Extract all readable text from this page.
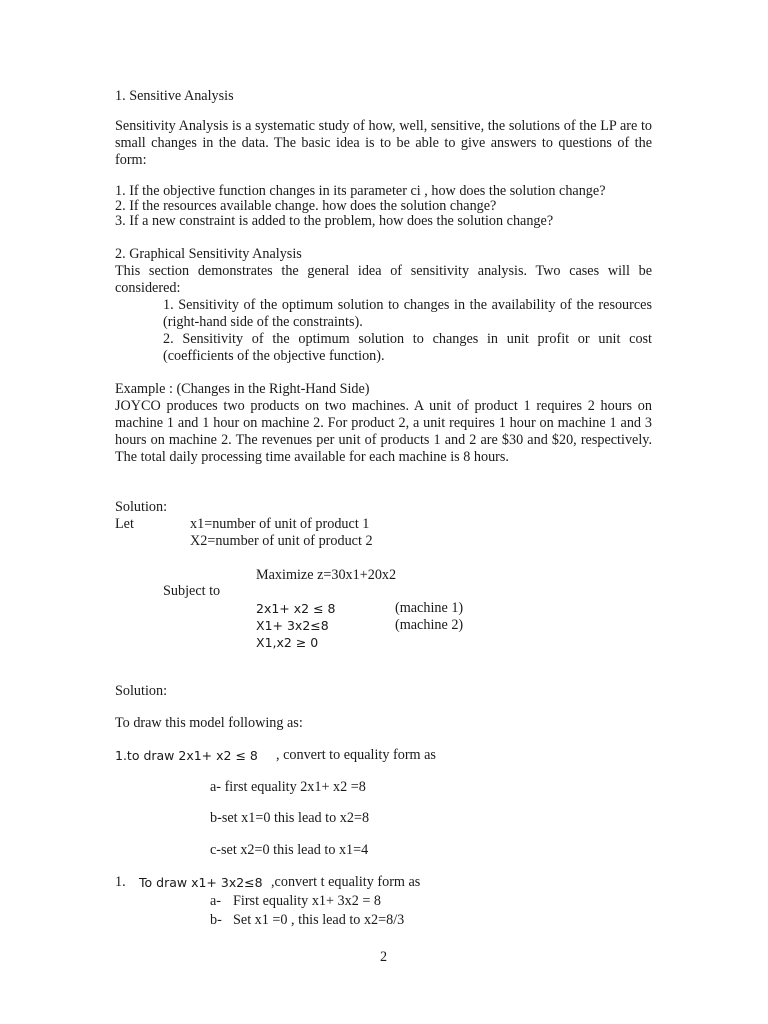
1. Sensitive Analysis
Sensitivity Analysis is a systematic study of how, well, sensitive, the solutions of the LP are to small changes in the data. The basic idea is to be able to give answers to questions of the form:
1. If the objective function changes in its parameter ci , how does the solution change?
2. If the resources available change. how does the solution change?
3. If a new constraint is added to the problem, how does the solution change?
2. Graphical Sensitivity Analysis
This section demonstrates the general idea of sensitivity analysis. Two cases will be considered:
1. Sensitivity of the optimum solution to changes in the availability of the resources (right-hand side of the constraints).
2. Sensitivity of the optimum solution to changes in unit profit or unit cost (coefficients of the objective function).
Example : (Changes in the Right-Hand Side)
JOYCO produces two products on two machines. A unit of product 1 requires 2 hours on machine 1 and 1 hour on machine 2. For product 2, a unit requires 1 hour on machine 1 and 3 hours on machine 2. The revenues per unit of products 1 and 2 are $30 and $20, respectively. The total daily processing time available for each machine is 8 hours.
Solution:
Let	x1=number of unit of product 1
X2=number of unit of product 2
Maximize z=30x1+20x2
Subject to
2x1+ x2 ≤ 8	(machine 1)
X1+ 3x2≤8	(machine 2)
X1,x2 ≥ 0
Solution:
To draw this model following as:
1.to draw 2x1+ x2 ≤ 8 , convert to equality form as
a- first equality 2x1+ x2 =8
b-set x1=0 this lead to x2=8
c-set x2=0 this lead to x1=4
1. To draw x1+ 3x2≤8 ,convert t equality form as
a- First equality x1+ 3x2 = 8
b- Set x1 =0 , this lead to x2=8/3
2
